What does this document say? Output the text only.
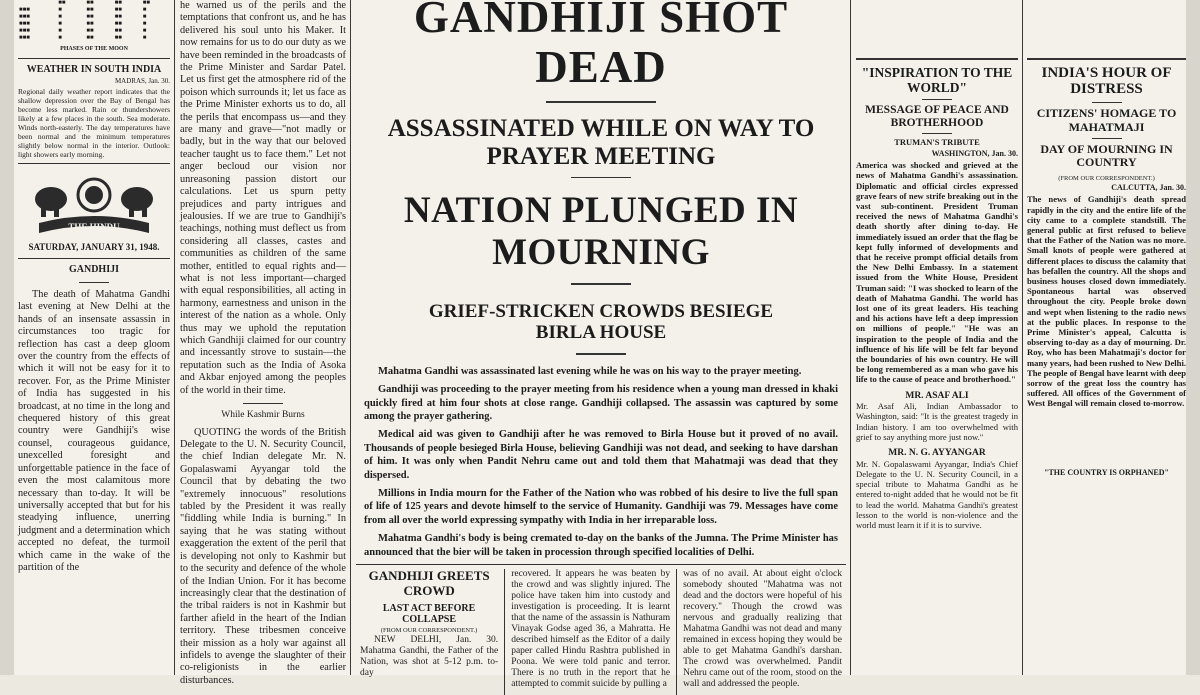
	■■	■■	■■	■■
■■■	■	■■	■■	■
■■■	■	■■	■■	■
■■■	■	■■	■■	■
■■■	■	■■	■■	■
■■■	■	■■	■■	■
PHASES OF THE MOON
WEATHER IN SOUTH INDIA
MADRAS, Jan. 30.

Regional daily weather report indicates that the shallow depression over the Bay of Bengal has become less marked. Rain or thundershowers likely at a few places in the south. Sea moderate. Winds north-easterly. The day temperatures have been normal and the minimum temperatures slightly below normal in the interior. Outlook: light showers early morning.

THE HINDU
SATURDAY, JANUARY 31, 1948.
GANDHIJI

The death of Mahatma Gandhi last evening at New Delhi at the hands of an insensate assassin in circumstances too tragic for reflection has cast a deep gloom over the country from the effects of which it will not be easy for it to recover. For, as the Prime Minister of India has suggested in his broadcast, at no time in the long and chequered history of this great country were Gandhiji's wise counsel, courageous guidance, unexcelled foresight and unforgettable patience in the face of even the most calamitous more necessary than to-day. It will be universally accepted that but for his steadying influence, unerring judgment and a determination which accepted no defeat, the turmoil which came in the wake of the partition of the

he warned us of the perils and the temptations that confront us, and he has delivered his soul unto his Maker. It now remains for us to do our duty as we have been reminded in the broadcasts of the Prime Minister and Sardar Patel. Let us first get the atmosphere rid of the poison which surrounds it; let us face as the Prime Minister exhorts us to do, all the perils that encompass us—and they are many and grave—"not madly or badly, but in the way that our beloved teacher taught us to face them." Let not anger becloud our vision nor unreasoning passion distort our calculations. Let us spurn petty prejudices and party intrigues and jealousies. If we are true to Gandhiji's teachings, nothing must deflect us from considering all classes, castes and communities as children of the same mother, entitled to equal rights and—what is not less important—charged with equal responsibilities, all acting in harmony, earnestness and unison in the interest of the nation as a whole. Only thus may we uphold the reputation which Gandhiji claimed for our country and incessantly strove to sustain—the reputation such as the India of Asoka and Akbar enjoyed among the peoples of the world in their time.

While Kashmir Burns

QUOTING the words of the British Delegate to the U. N. Security Council, the chief Indian delegate Mr. N. Gopalaswami Ayyangar told the Council that by debating the two "extremely innocuous" resolutions tabled by the President it was really "fiddling while India is burning." In saying that he was stating without exaggeration the extent of the peril that is developing not only to Kashmir but to the security and defence of the whole of the Indian Union. For it has become increasingly clear that the destination of the tribal raiders is not in Kashmir but farther afield in the heart of the Indian territory. These tribesmen conceive their mission as a holy war against all infidels to avenge the slaughter of their co-religionists in the earlier disturbances.

GANDHIJI SHOT DEAD
ASSASSINATED WHILE ON WAY TO PRAYER MEETING
NATION PLUNGED IN MOURNING
GRIEF-STRICKEN CROWDS BESIEGE BIRLA HOUSE

Mahatma Gandhi was assassinated last evening while he was on his way to the prayer meeting.

Gandhiji was proceeding to the prayer meeting from his residence when a young man dressed in khaki quickly fired at him four shots at close range. Gandhiji collapsed. The assassin was captured by some among the prayer gathering.

Medical aid was given to Gandhiji after he was removed to Birla House but it proved of no avail. Thousands of people besieged Birla House, believing Gandhiji was not dead, and seeking to have darshan of him. It was only when Pandit Nehru came out and told them that Mahatmaji was dead that they dispersed.

Millions in India mourn for the Father of the Nation who was robbed of his desire to live the full span of life of 125 years and devote himself to the service of Humanity. Gandhiji was 79. Messages have come from all over the world expressing sympathy with India in her irreparable loss.

Mahatma Gandhi's body is being cremated to-day on the banks of the Jumna. The Prime Minister has announced that the bier will be taken in procession through specified localities of Delhi.

GANDHIJI GREETS CROWD
LAST ACT BEFORE COLLAPSE
(FROM OUR CORRESPONDENT.)

NEW DELHI, Jan. 30. Mahatma Gandhi, the Father of the Nation, was shot at 5-12 p.m. to-day

recovered. It appears he was beaten by the crowd and was slightly injured. The police have taken him into custody and investigation is proceeding. It is learnt that the name of the assassin is Nathuram Vinayak Godse aged 36, a Mahratta. He described himself as the Editor of a daily paper called Hindu Rashtra published in Poona. We were told panic and terror. There is no truth in the report that he attempted to commit suicide by pulling a

was of no avail. At about eight o'clock somebody shouted "Mahatma was not dead and the doctors were hopeful of his recovery." Though the crowd was nervous and gradually realizing that Mahatma Gandhi was not dead and many remained in excess hoping they would be able to get Mahatma Gandhi's darshan. The crowd was overwhelmed. Pandit Nehru came out of the room, stood on the wall and addressed the people.

"INSPIRATION TO THE WORLD"
MESSAGE OF PEACE AND BROTHERHOOD
TRUMAN'S TRIBUTE
WASHINGTON, Jan. 30.

America was shocked and grieved at the news of Mahatma Gandhi's assassination. Diplomatic and official circles expressed grave fears of new strife breaking out in the vast sub-continent. President Truman received the news of Mahatma Gandhi's death shortly after dining to-day. He immediately issued an order that the flag be kept fully informed of developments and that he receive prompt official details from the New Delhi Embassy. In a statement issued from the White House, President Truman said: "I was shocked to learn of the death of Mahatma Gandhi. The world has lost one of its great leaders. His teaching and his actions have left a deep impression on millions of people." "He was an inspiration to the people of India and the influence of his life will be felt far beyond the boundaries of his own country. He will be long remembered as a man who gave his life to the cause of peace and brotherhood."

MR. ASAF ALI

Mr. Asaf Ali, Indian Ambassador to Washington, said: "It is the greatest tragedy in Indian history. I am too overwhelmed with grief to say anything more just now."

MR. N. G. AYYANGAR

Mr. N. Gopalaswami Ayyangar, India's Chief Delegate to the U. N. Security Council, in a special tribute to Mahatma Gandhi as he entered to-night added that he would not be fit to lead the world. Mahatma Gandhi's greatest lesson to the world is non-violence and the world must learn it if it is to survive.

INDIA'S HOUR OF DISTRESS
CITIZENS' HOMAGE TO MAHATMAJI
DAY OF MOURNING IN COUNTRY
(FROM OUR CORRESPONDENT.)
CALCUTTA, Jan. 30.

The news of Gandhiji's death spread rapidly in the city and the entire life of the city came to a complete standstill. The general public at first refused to believe that the Father of the Nation was no more. Small knots of people were gathered at different places to discuss the calamity that has befallen the country. All the shops and business houses closed down immediately. Spontaneous hartal was observed throughout the city. People broke down and wept when listening to the radio news at the public places. In response to the Prime Minister's appeal, Calcutta is observing to-day as a day of mourning. Dr. Roy, who has been Mahatmaji's doctor for many years, had been rushed to New Delhi. The people of Bengal have learnt with deep sorrow of the great loss the country has suffered. All offices of the Government of West Bengal will remain closed to-morrow.

"THE COUNTRY IS ORPHANED"
